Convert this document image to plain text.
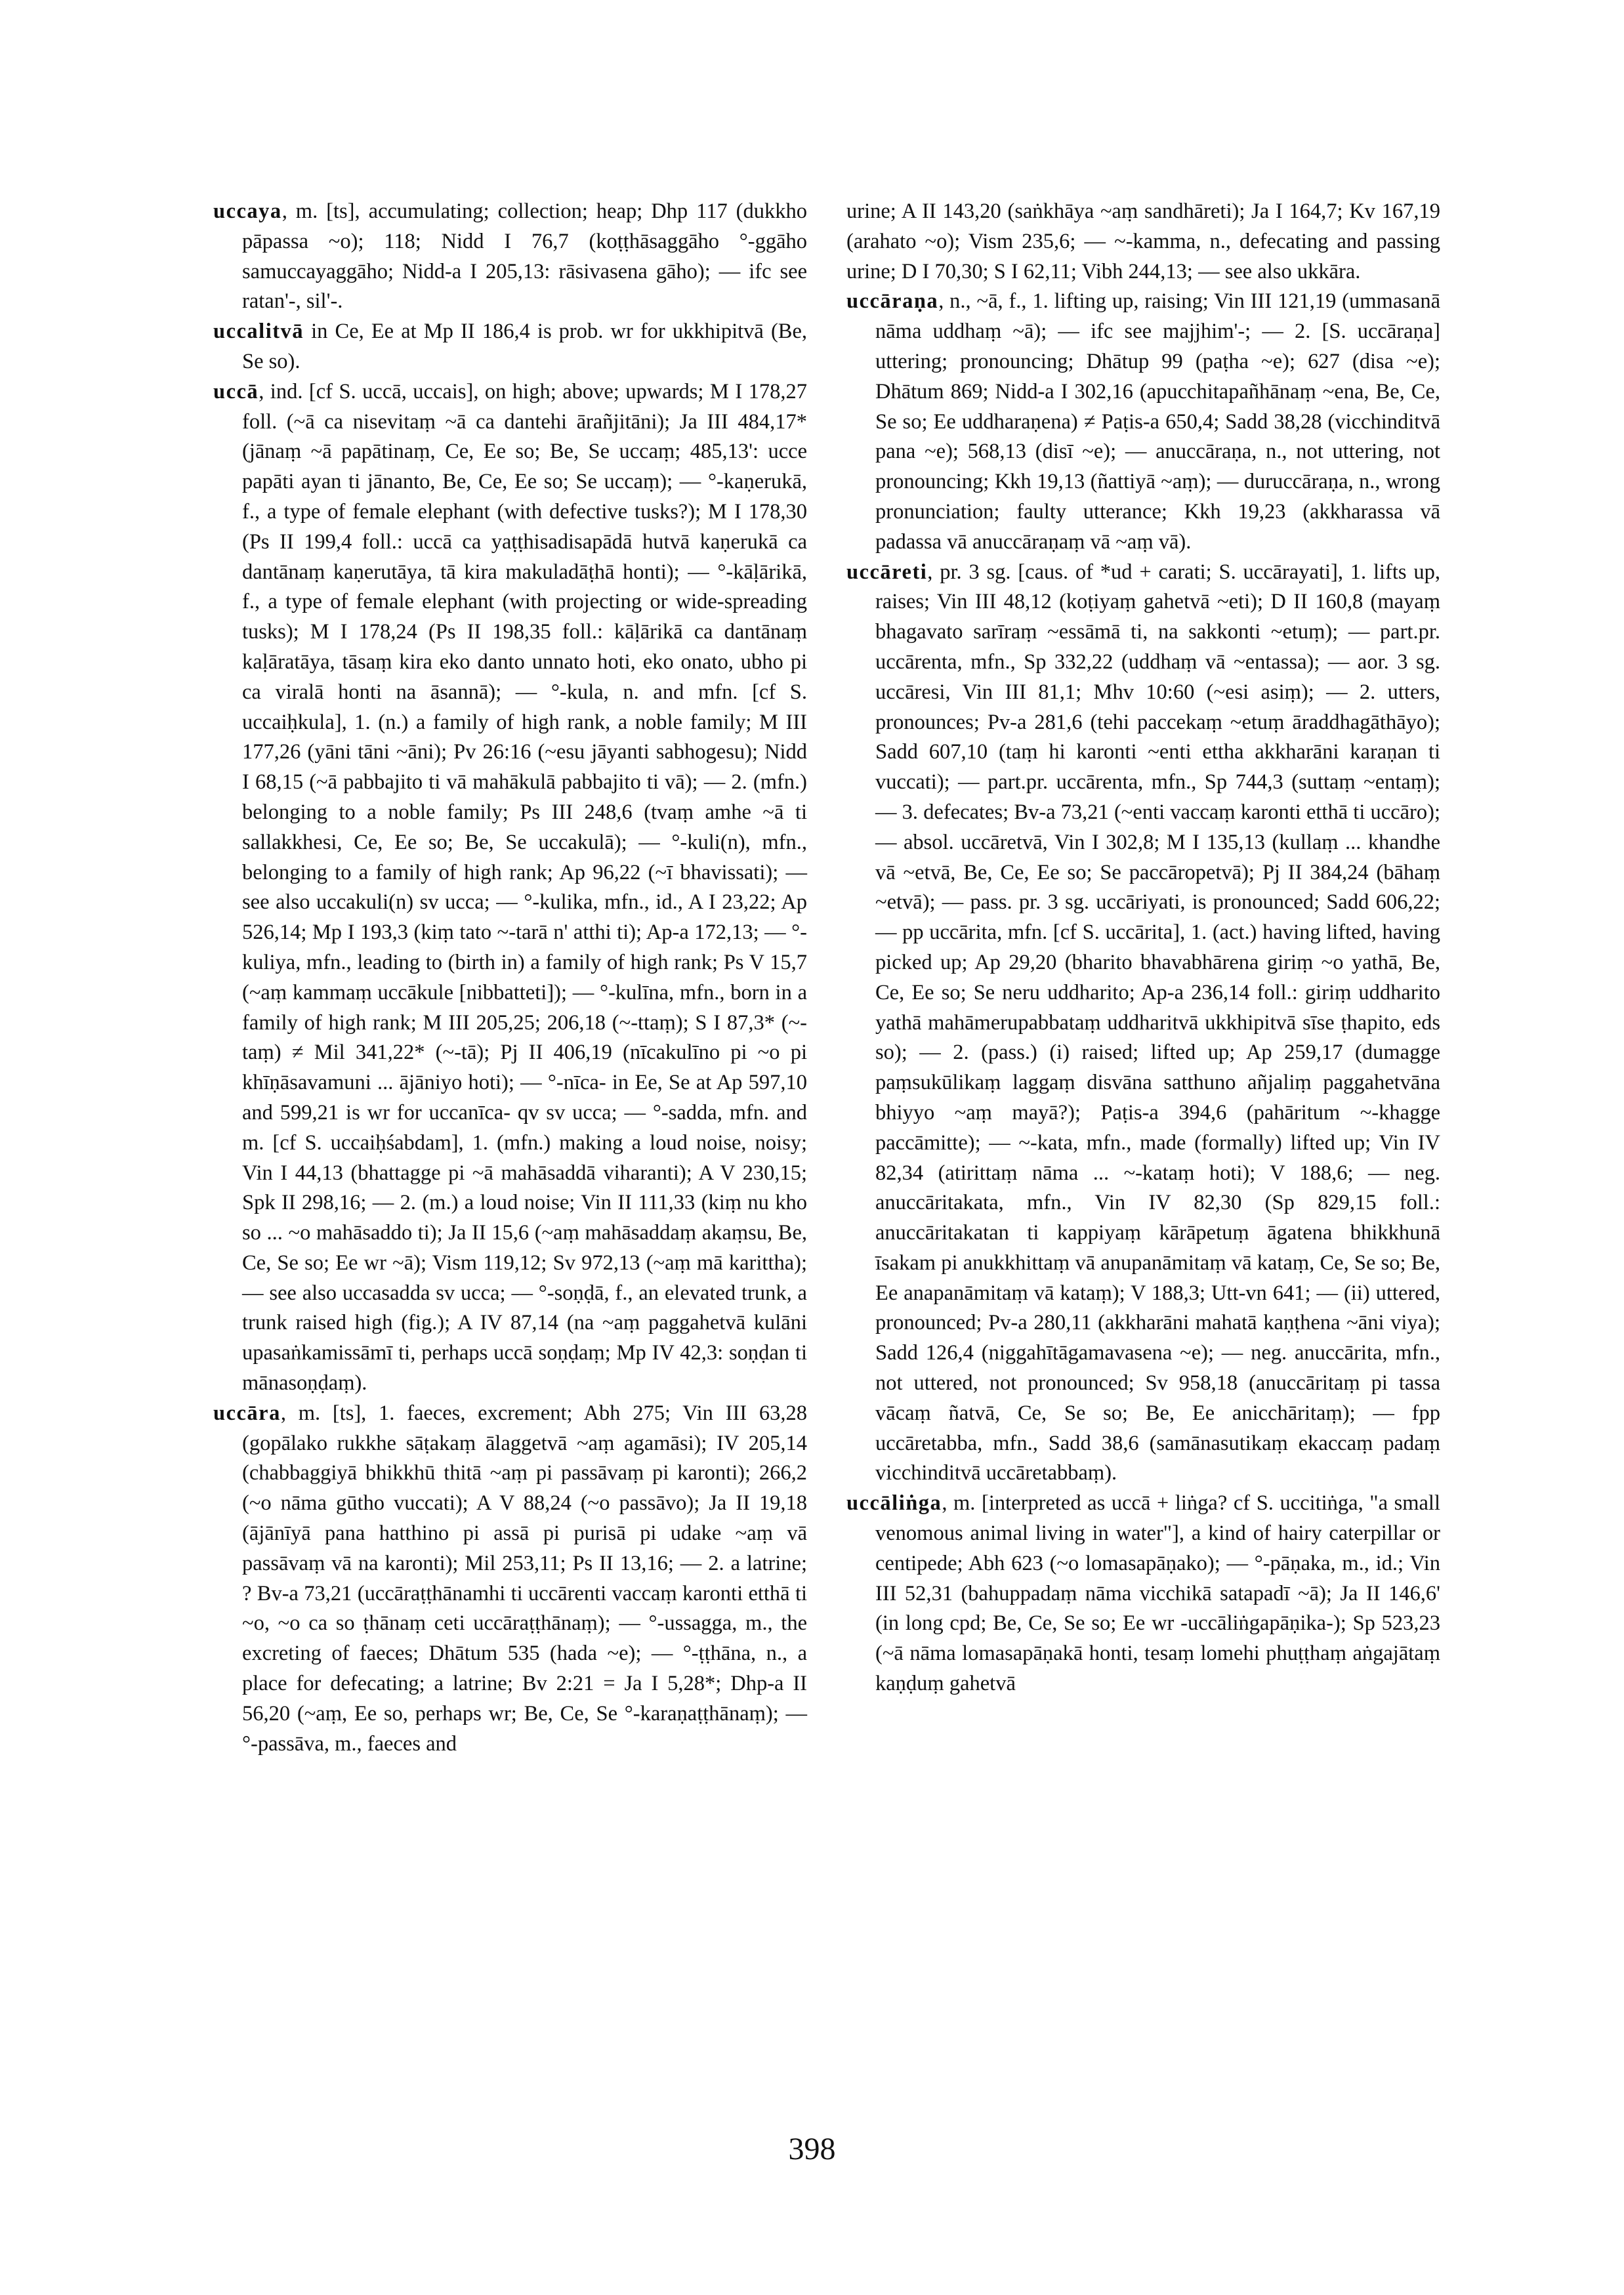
uccaya, m. [ts], accumulating; collection; heap; Dhp 117 (dukkho pāpassa ~o); 118; Nidd I 76,7 (koṭṭhāsaggāho °-ggāho samuccayaggāho; Nidd-a I 205,13: rāsivasena gāho); — ifc see ratan'-, sil'-.

uccalitvā in Ce, Ee at Mp II 186,4 is prob. wr for ukkhipitvā (Be, Se so).

uccā, ind. [cf S. uccā, uccais], on high; above; upwards; M I 178,27 foll. (~ā ca nisevitaṃ ~ā ca dantehi ārañjitāni); Ja III 484,17* (jānaṃ ~ā papātinaṃ, Ce, Ee so; Be, Se uccaṃ; 485,13': ucce papāti ayan ti jānanto, Be, Ce, Ee so; Se uccaṃ); — °-kaṇerukā, f., a type of female elephant (with defective tusks?); M I 178,30 (Ps II 199,4 foll.: uccā ca yaṭṭhisadisapādā hutvā kaṇerukā ca dantānaṃ kaṇerutāya, tā kira makuladāṭhā honti); — °-kāḷārikā, f., a type of female elephant (with projecting or wide-spreading tusks); M I 178,24 (Ps II 198,35 foll.: kāḷārikā ca dantānaṃ kaḷāratāya, tāsaṃ kira eko danto unnato hoti, eko onato, ubho pi ca viralā honti na āsannā); — °-kula, n. and mfn. [cf S. uccaiḥkula], 1. (n.) a family of high rank, a noble family; M III 177,26 (yāni tāni ~āni); Pv 26:16 (~esu jāyanti sabhogesu); Nidd I 68,15 (~ā pabbajito ti vā mahākulā pabbajito ti vā); — 2. (mfn.) belonging to a noble family; Ps III 248,6 (tvaṃ amhe ~ā ti sallakkhesi, Ce, Ee so; Be, Se uccakulā); — °-kuli(n), mfn., belonging to a family of high rank; Ap 96,22 (~ī bhavissati); — see also uccakuli(n) sv ucca; — °-kulika, mfn., id., A I 23,22; Ap 526,14; Mp I 193,3 (kiṃ tato ~-tarā n' atthi ti); Ap-a 172,13; — °-kuliya, mfn., leading to (birth in) a family of high rank; Ps V 15,7 (~aṃ kammaṃ uccākule [nibbatteti]); — °-kulīna, mfn., born in a family of high rank; M III 205,25; 206,18 (~-ttaṃ); S I 87,3* (~-taṃ) ≠ Mil 341,22* (~-tā); Pj II 406,19 (nīcakulīno pi ~o pi khīṇāsavamuni ... ājāniyo hoti); — °-nīca- in Ee, Se at Ap 597,10 and 599,21 is wr for uccanīca- qv sv ucca; — °-sadda, mfn. and m. [cf S. uccaiḥśabdam], 1. (mfn.) making a loud noise, noisy; Vin I 44,13 (bhattagge pi ~ā mahāsaddā viharanti); A V 230,15; Spk II 298,16; — 2. (m.) a loud noise; Vin II 111,33 (kiṃ nu kho so ... ~o mahāsaddo ti); Ja II 15,6 (~aṃ mahāsaddaṃ akaṃsu, Be, Ce, Se so; Ee wr ~ā); Vism 119,12; Sv 972,13 (~aṃ mā karittha); — see also uccasadda sv ucca; — °-soṇḍā, f., an elevated trunk, a trunk raised high (fig.); A IV 87,14 (na ~aṃ paggahetvā kulāni upasaṅkamissāmī ti, perhaps uccā soṇḍaṃ; Mp IV 42,3: soṇḍan ti mānasoṇḍaṃ).

uccāra, m. [ts], 1. faeces, excrement; Abh 275; Vin III 63,28 (gopālako rukkhe sāṭakaṃ ālaggetvā ~aṃ agamāsi); IV 205,14 (chabbaggiyā bhikkhū thitā ~aṃ pi passāvaṃ pi karonti); 266,2 (~o nāma gūtho vuccati); A V 88,24 (~o passāvo); Ja II 19,18 (ājānīyā pana hatthino pi assā pi purisā pi udake ~aṃ vā passāvaṃ vā na karonti); Mil 253,11; Ps II 13,16; — 2. a latrine; ? Bv-a 73,21 (uccāraṭṭhānamhi ti uccārenti vaccaṃ karonti etthā ti ~o, ~o ca so ṭhānaṃ ceti uccāraṭṭhānaṃ); — °-ussagga, m., the excreting of faeces; Dhātum 535 (hada ~e); — °-ṭṭhāna, n., a place for defecating; a latrine; Bv 2:21 = Ja I 5,28*; Dhp-a II 56,20 (~aṃ, Ee so, perhaps wr; Be, Ce, Se °-karaṇaṭṭhānaṃ); — °-passāva, m., faeces and

urine; A II 143,20 (saṅkhāya ~aṃ sandhāreti); Ja I 164,7; Kv 167,19 (arahato ~o); Vism 235,6; — ~-kamma, n., defecating and passing urine; D I 70,30; S I 62,11; Vibh 244,13; — see also ukkāra.

uccāraṇa, n., ~ā, f., 1. lifting up, raising; Vin III 121,19 (ummasanā nāma uddhaṃ ~ā); — ifc see majjhim'-; — 2. [S. uccāraṇa] uttering; pronouncing; Dhātup 99 (paṭha ~e); 627 (disa ~e); Dhātum 869; Nidd-a I 302,16 (apucchitapañhānaṃ ~ena, Be, Ce, Se so; Ee uddharaṇena) ≠ Paṭis-a 650,4; Sadd 38,28 (vicchinditvā pana ~e); 568,13 (disī ~e); — anuccāraṇa, n., not uttering, not pronouncing; Kkh 19,13 (ñattiyā ~aṃ); — duruccāraṇa, n., wrong pronunciation; faulty utterance; Kkh 19,23 (akkharassa vā padassa vā anuccāraṇaṃ vā ~aṃ vā).

uccāreti, pr. 3 sg. [caus. of *ud + carati; S. uccārayati], 1. lifts up, raises; Vin III 48,12 (koṭiyaṃ gahetvā ~eti); D II 160,8 (mayaṃ bhagavato sarīraṃ ~essāmā ti, na sakkonti ~etuṃ); — part.pr. uccārenta, mfn., Sp 332,22 (uddhaṃ vā ~entassa); — aor. 3 sg. uccāresi, Vin III 81,1; Mhv 10:60 (~esi asiṃ); — 2. utters, pronounces; Pv-a 281,6 (tehi paccekaṃ ~etuṃ āraddhagāthāyo); Sadd 607,10 (taṃ hi karonti ~enti ettha akkharāni karaṇan ti vuccati); — part.pr. uccārenta, mfn., Sp 744,3 (suttaṃ ~entaṃ); — 3. defecates; Bv-a 73,21 (~enti vaccaṃ karonti etthā ti uccāro); — absol. uccāretvā, Vin I 302,8; M I 135,13 (kullaṃ ... khandhe vā ~etvā, Be, Ce, Ee so; Se paccāropetvā); Pj II 384,24 (bāhaṃ ~etvā); — pass. pr. 3 sg. uccāriyati, is pronounced; Sadd 606,22; — pp uccārita, mfn. [cf S. uccārita], 1. (act.) having lifted, having picked up; Ap 29,20 (bharito bhavabhārena giriṃ ~o yathā, Be, Ce, Ee so; Se neru uddharito; Ap-a 236,14 foll.: giriṃ uddharito yathā mahāmerupabbataṃ uddharitvā ukkhipitvā sīse ṭhapito, eds so); — 2. (pass.) (i) raised; lifted up; Ap 259,17 (dumagge paṃsukūlikaṃ laggaṃ disvāna satthuno añjaliṃ paggahetvāna bhiyyo ~aṃ mayā?); Paṭis-a 394,6 (pahāritum ~-khagge paccāmitte); — ~-kata, mfn., made (formally) lifted up; Vin IV 82,34 (atirittaṃ nāma ... ~-kataṃ hoti); V 188,6; — neg. anuccāritakata, mfn., Vin IV 82,30 (Sp 829,15 foll.: anuccāritakatan ti kappiyaṃ kārāpetuṃ āgatena bhikkhunā īsakam pi anukkhittaṃ vā anupanāmitaṃ vā kataṃ, Ce, Se so; Be, Ee anapanāmitaṃ vā kataṃ); V 188,3; Utt-vn 641; — (ii) uttered, pronounced; Pv-a 280,11 (akkharāni mahatā kaṇṭhena ~āni viya); Sadd 126,4 (niggahītāgamavasena ~e); — neg. anuccārita, mfn., not uttered, not pronounced; Sv 958,18 (anuccāritaṃ pi tassa vācaṃ ñatvā, Ce, Se so; Be, Ee anicchāritaṃ); — fpp uccāretabba, mfn., Sadd 38,6 (samānasutikaṃ ekaccaṃ padaṃ vicchinditvā uccāretabbaṃ).

uccāliṅga, m. [interpreted as uccā + liṅga? cf S. uccitiṅga, "a small venomous animal living in water"], a kind of hairy caterpillar or centipede; Abh 623 (~o lomasapāṇako); — °-pāṇaka, m., id.; Vin III 52,31 (bahuppadaṃ nāma vicchikā satapadī ~ā); Ja II 146,6' (in long cpd; Be, Ce, Se so; Ee wr -uccāliṅgapāṇika-); Sp 523,23 (~ā nāma lomasapāṇakā honti, tesaṃ lomehi phuṭṭhaṃ aṅgajātaṃ kaṇḍuṃ gahetvā

398
